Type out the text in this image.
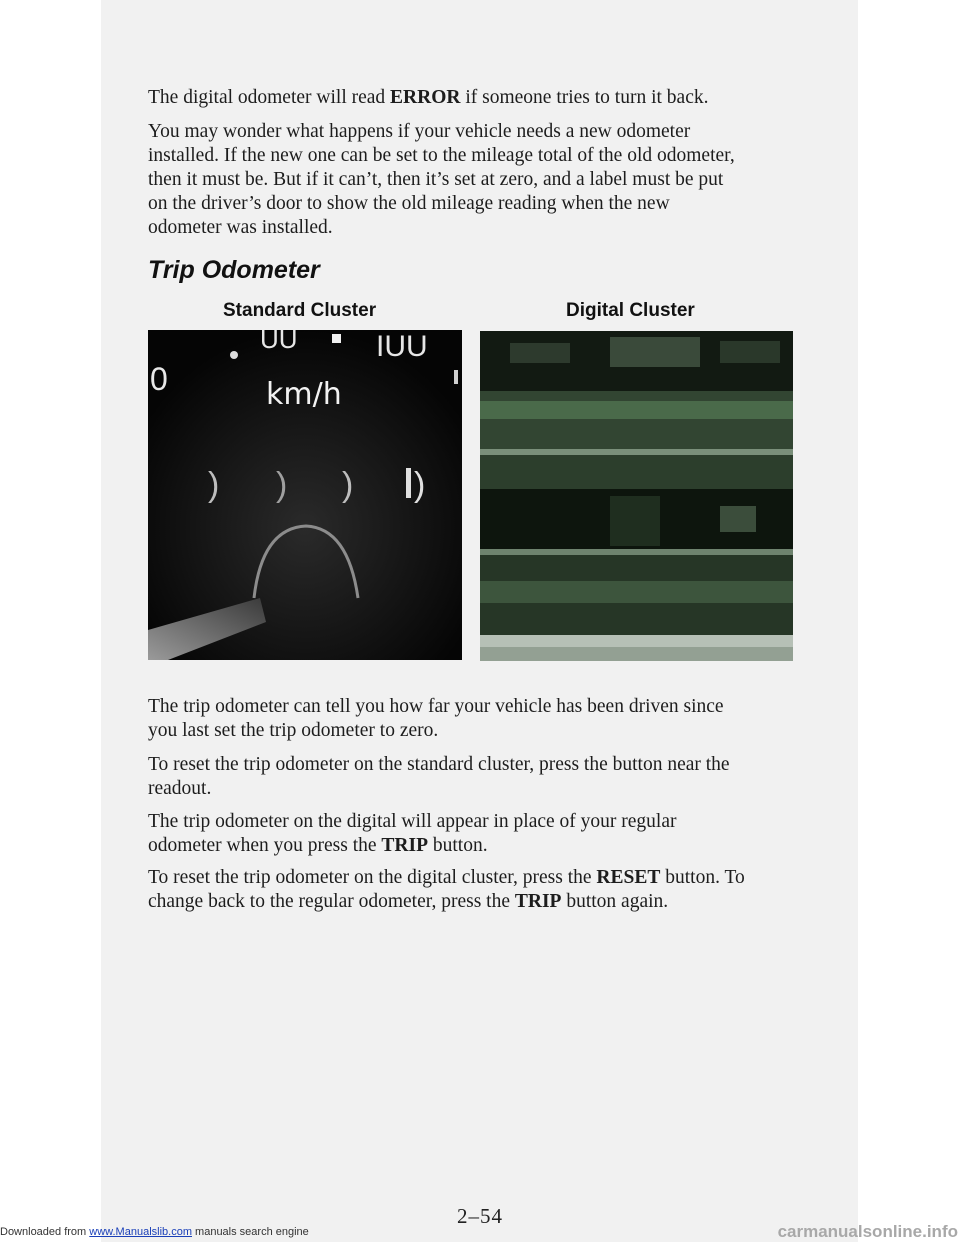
The digital odometer will read ERROR if someone tries to turn it back.

You may wonder what happens if your vehicle needs a new odometer
installed. If the new one can be set to the mileage total of the old odometer,
then it must be. But if it can’t, then it’s set at zero, and a label must be put
on the driver’s door to show the old mileage reading when the new
odometer was installed.

Trip Odometer
Standard Cluster	Digital Cluster
UU	IUU
0	km/h
) ) ) )

The trip odometer can tell you how far your vehicle has been driven since
you last set the trip odometer to zero.

To reset the trip odometer on the standard cluster, press the button near the
readout.

The trip odometer on the digital will appear in place of your regular
odometer when you press the TRIP button.

To reset the trip odometer on the digital cluster, press the RESET button. To
change back to the regular odometer, press the TRIP button again.

2–54
Downloaded from www.Manualslib.com manuals search engine	carmanualsonline.info
